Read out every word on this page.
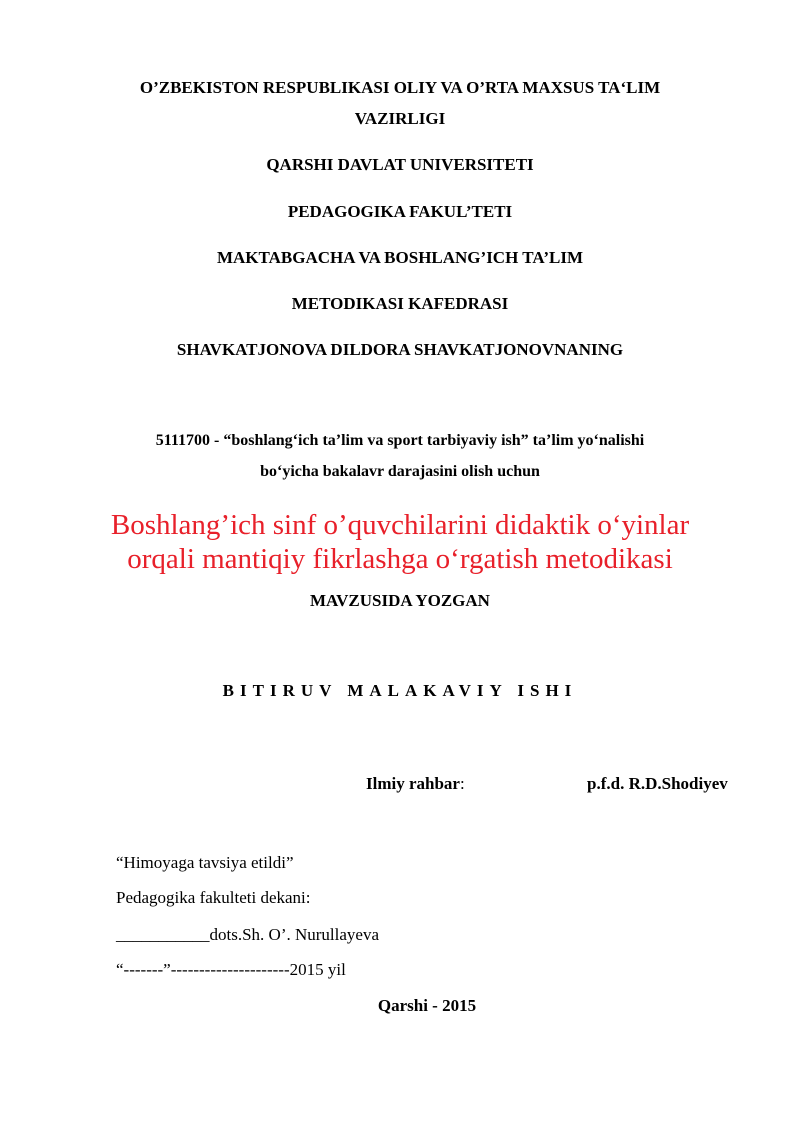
O’ZBEKISTON RESPUBLIKASI OLIY VA O’RTA MAXSUS TA‘LIM
VAZIRLIGI
QARSHI DAVLAT UNIVERSITETI
PEDAGOGIKA FAKUL’TETI
MAKTABGACHA VA BOSHLANG’ICH TA’LIM
METODIKASI KAFEDRASI
SHAVKATJONOVA DILDORA SHAVKATJONOVNANING
5111700 - “boshlang‘ich ta’lim va sport tarbiyaviy ish” ta’lim yo‘nalishi
bo‘yicha bakalavr darajasini olish uchun
Boshlang’ich sinf o’quvchilarini didaktik o‘yinlar
orqali mantiqiy fikrlashga o‘rgatish metodikasi
MAVZUSIDA YOZGAN
BITIRUV MALAKAVIY ISHI
Ilmiy rahbar:	p.f.d. R.D.Shodiyev
“Himoyaga tavsiya etildi”
Pedagogika fakulteti dekani:
___________dots.Sh. O’. Nurullayeva
“-------”---------------------2015 yil
Qarshi - 2015
